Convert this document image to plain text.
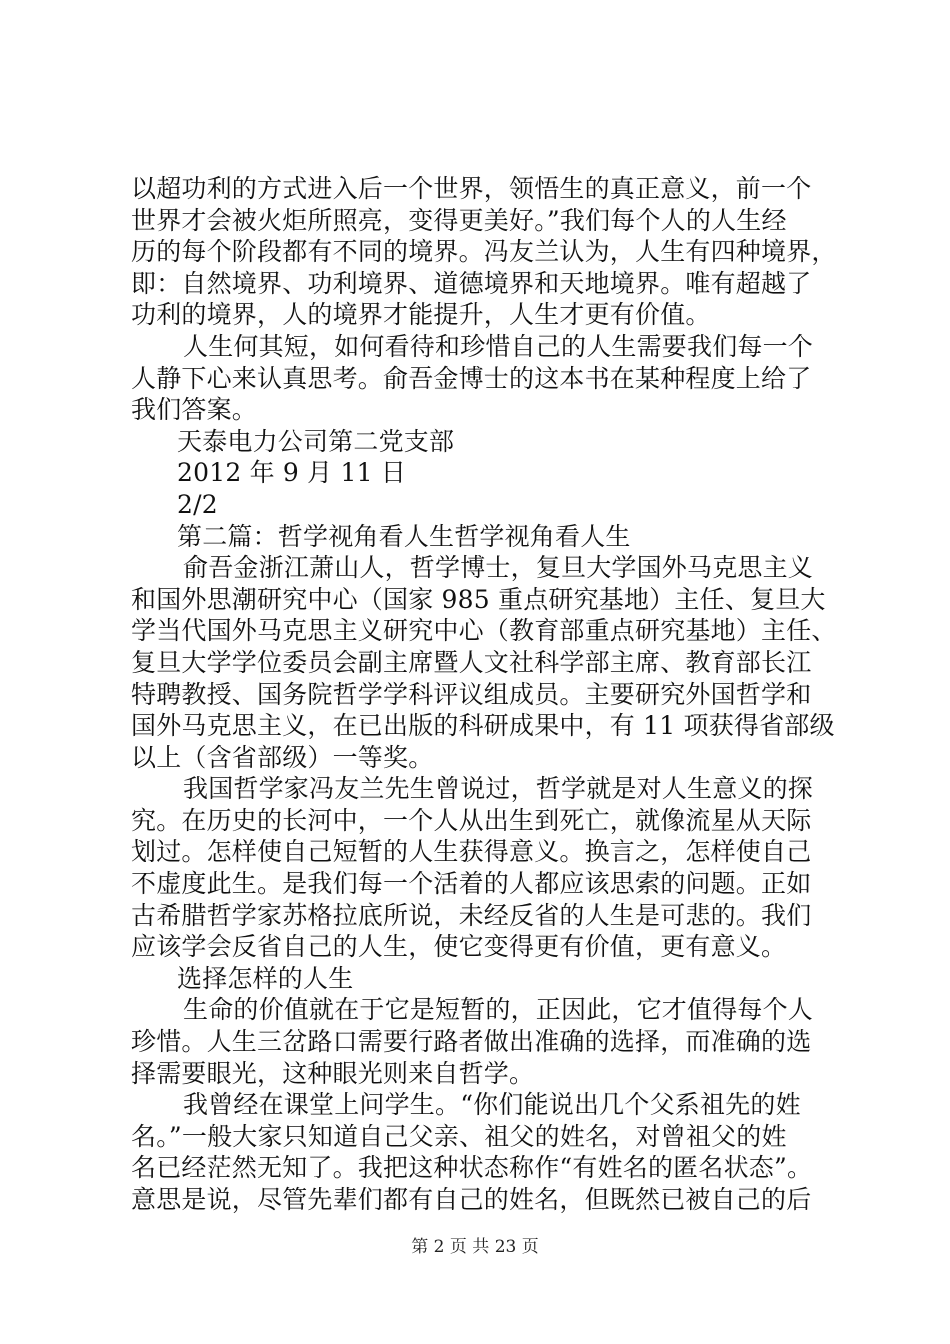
以超功利的方式进入后一个世界，领悟生的真正意义，前一个
世界才会被火炬所照亮，变得更美好。”我们每个人的人生经
历的每个阶段都有不同的境界。冯友兰认为，人生有四种境界，
即：自然境界、功利境界、道德境界和天地境界。唯有超越了
功利的境界，人的境界才能提升，人生才更有价值。
人生何其短，如何看待和珍惜自己的人生需要我们每一个
人静下心来认真思考。俞吾金博士的这本书在某种程度上给了
我们答案。
天泰电力公司第二党支部
2012 年 9 月 11 日
2/2
第二篇：哲学视角看人生哲学视角看人生
俞吾金浙江萧山人，哲学博士，复旦大学国外马克思主义
和国外思潮研究中心（国家 985 重点研究基地）主任、复旦大
学当代国外马克思主义研究中心（教育部重点研究基地）主任、
复旦大学学位委员会副主席暨人文社科学部主席、教育部长江
特聘教授、国务院哲学学科评议组成员。主要研究外国哲学和
国外马克思主义，在已出版的科研成果中，有 11 项获得省部级
以上（含省部级）一等奖。
我国哲学家冯友兰先生曾说过，哲学就是对人生意义的探
究。在历史的长河中，一个人从出生到死亡，就像流星从天际
划过。怎样使自己短暂的人生获得意义。换言之，怎样使自己
不虚度此生。是我们每一个活着的人都应该思索的问题。正如
古希腊哲学家苏格拉底所说，未经反省的人生是可悲的。我们
应该学会反省自己的人生，使它变得更有价值，更有意义。
选择怎样的人生
生命的价值就在于它是短暂的，正因此，它才值得每个人
珍惜。人生三岔路口需要行路者做出准确的选择，而准确的选
择需要眼光，这种眼光则来自哲学。
我曾经在课堂上问学生。“你们能说出几个父系祖先的姓
名。”一般大家只知道自己父亲、祖父的姓名，对曾祖父的姓
名已经茫然无知了。我把这种状态称作“有姓名的匿名状态”。
意思是说，尽管先辈们都有自己的姓名，但既然已被自己的后
第 2 页 共 23 页
